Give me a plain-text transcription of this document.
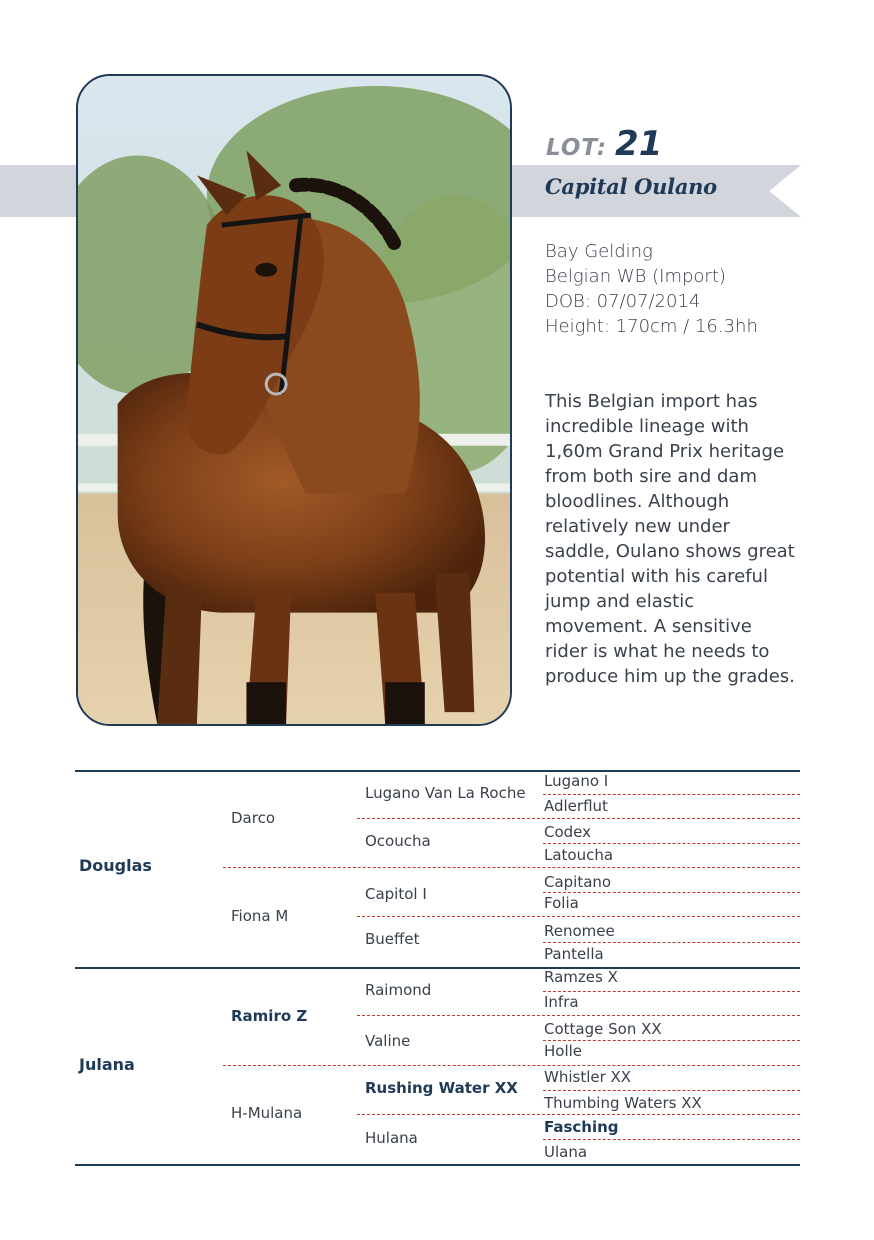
LOT: 21
Capital Oulano
Bay Gelding
Belgian WB (Import)
DOB: 07/07/2014
Height: 170cm / 16.3hh
This Belgian import has incredible lineage with 1,60m Grand Prix heritage from both sire and dam bloodlines. Although relatively new under saddle, Oulano shows great potential with his careful jump and elastic movement. A sensitive rider is what he needs to produce him up the grades.
Douglas
Julana
Darco
Fiona M
Ramiro Z
H-Mulana
Lugano Van La Roche
Ocoucha
Capitol I
Bueffet
Raimond
Valine
Rushing Water XX
Hulana
Lugano I
Adlerflut
Codex
Latoucha
Capitano
Folia
Renomee
Pantella
Ramzes X
Infra
Cottage Son XX
Holle
Whistler XX
Thumbing Waters XX
Fasching
Ulana
